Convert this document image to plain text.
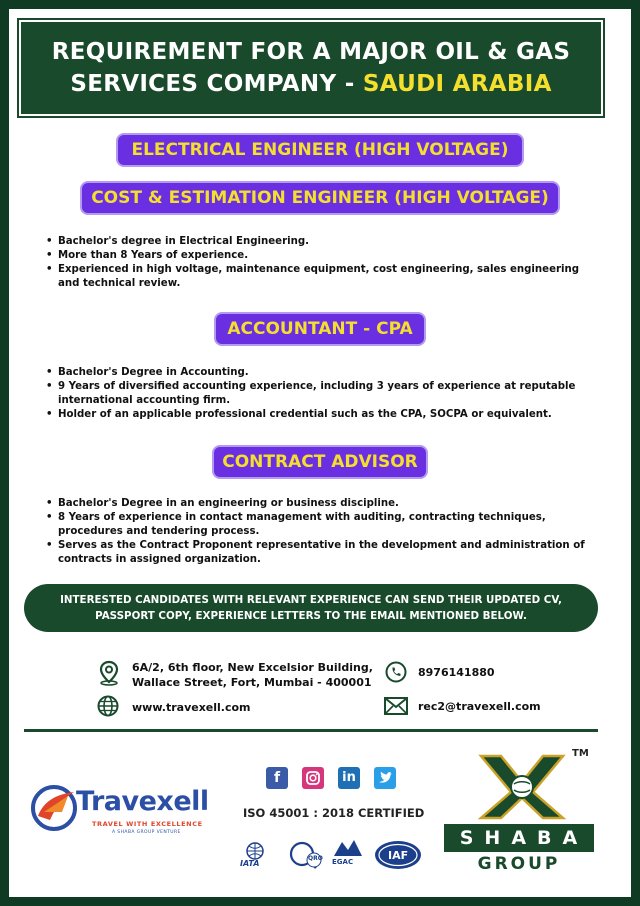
REQUIREMENT FOR A MAJOR OIL & GAS
SERVICES COMPANY - SAUDI ARABIA
ELECTRICAL ENGINEER (HIGH VOLTAGE)
COST & ESTIMATION ENGINEER (HIGH VOLTAGE)
• Bachelor's degree in Electrical Engineering.
• More than 8 Years of experience.
• Experienced in high voltage, maintenance equipment, cost engineering, sales engineering and technical review.
ACCOUNTANT - CPA
• Bachelor's Degree in Accounting.
• 9 Years of diversified accounting experience, including 3 years of experience at reputable international accounting firm.
• Holder of an applicable professional credential such as the CPA, SOCPA or equivalent.
CONTRACT ADVISOR
• Bachelor's Degree in an engineering or business discipline.
• 8 Years of experience in contact management with auditing, contracting techniques, procedures and tendering process.
• Serves as the Contract Proponent representative in the development and administration of contracts in assigned organization.
INTERESTED CANDIDATES WITH RELEVANT EXPERIENCE CAN SEND THEIR UPDATED CV,
PASSPORT COPY, EXPERIENCE LETTERS TO THE EMAIL MENTIONED BELOW.
6A/2, 6th floor, New Excelsior Building,
Wallace Street, Fort, Mumbai - 400001
8976141880
www.travexell.com	rec2@travexell.com
Travexell
TRAVEL WITH EXCELLENCE
A SHABA GROUP VENTURE
f	in
ISO 45001 : 2018 CERTIFIED
IATA
QRO EGAC	IAF
TM
SHABA
GROUP
